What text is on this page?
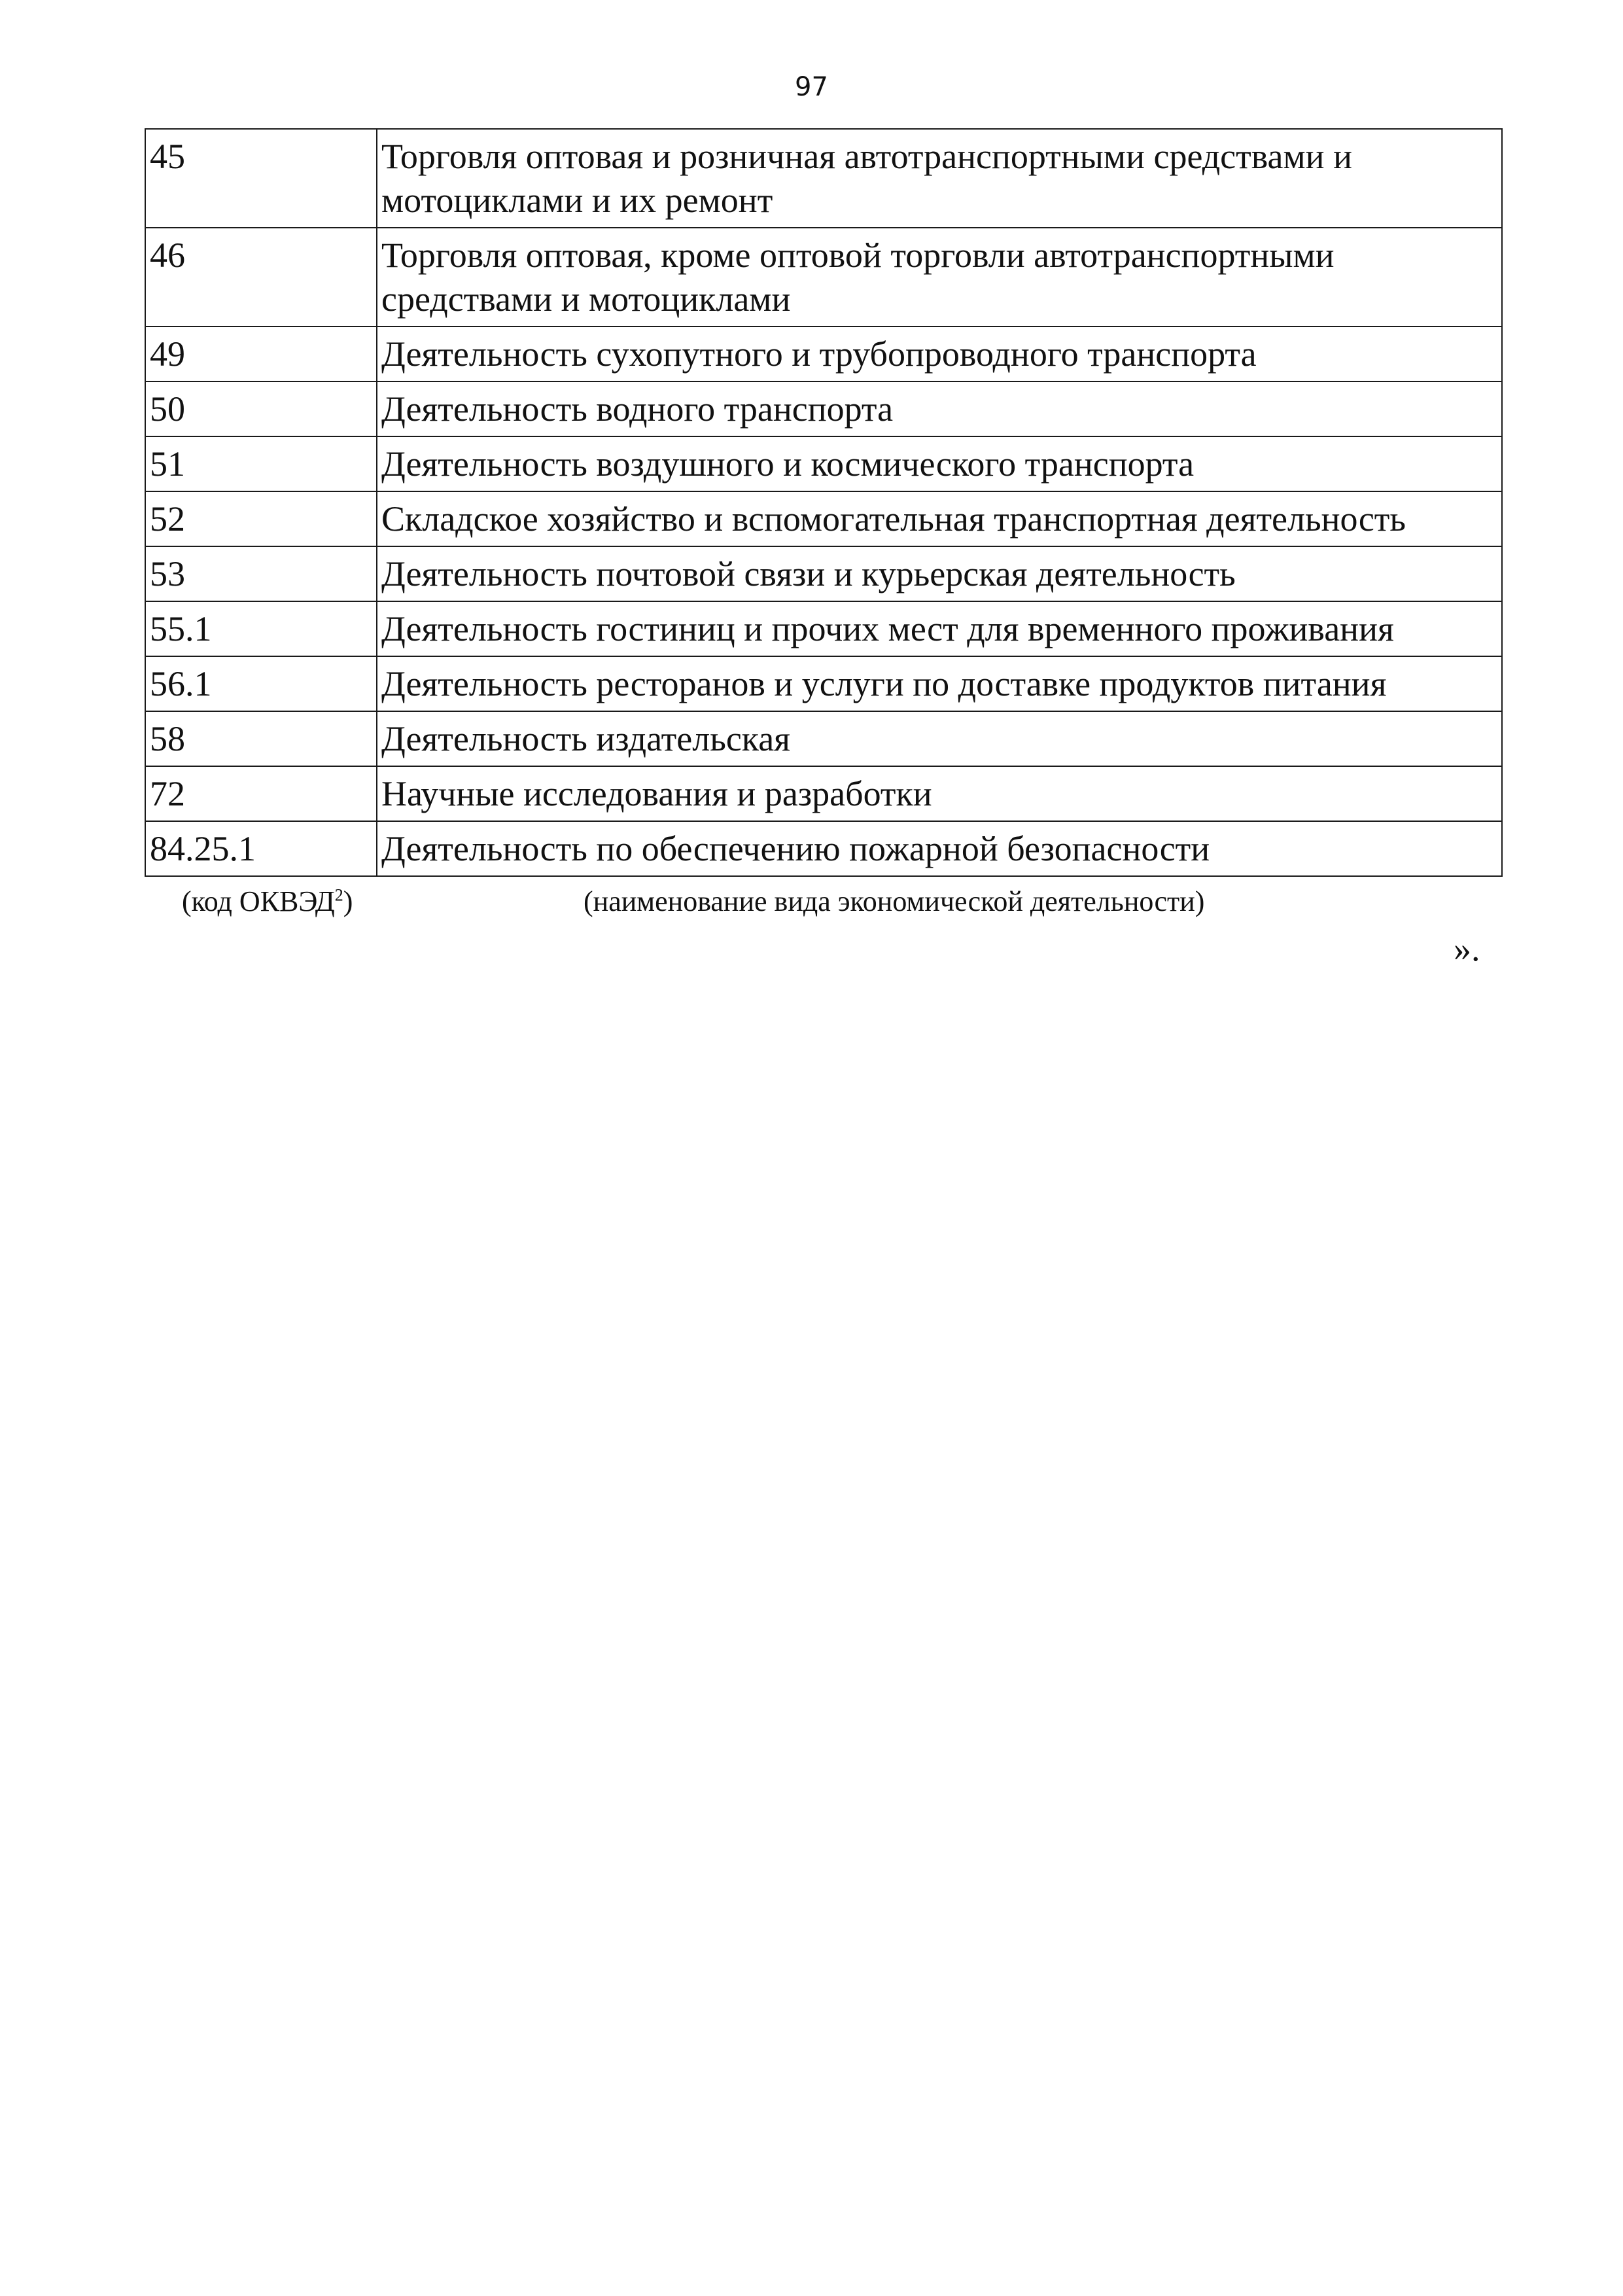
97
45	Торговля оптовая и розничная автотранспортными средствами и мотоциклами и их ремонт
46	Торговля оптовая, кроме оптовой торговли автотранспортными средствами и мотоциклами
49	Деятельность сухопутного и трубопроводного транспорта
50	Деятельность водного транспорта
51	Деятельность воздушного и космического транспорта
52	Складское хозяйство и вспомогательная транспортная деятельность
53	Деятельность почтовой связи и курьерская деятельность
55.1	Деятельность гостиниц и прочих мест для временного проживания
56.1	Деятельность ресторанов и услуги по доставке продуктов питания
58	Деятельность издательская
72	Научные исследования и разработки
84.25.1	Деятельность по обеспечению пожарной безопасности
(код ОКВЭД$^2$)	(наименование вида экономической деятельности)
».
